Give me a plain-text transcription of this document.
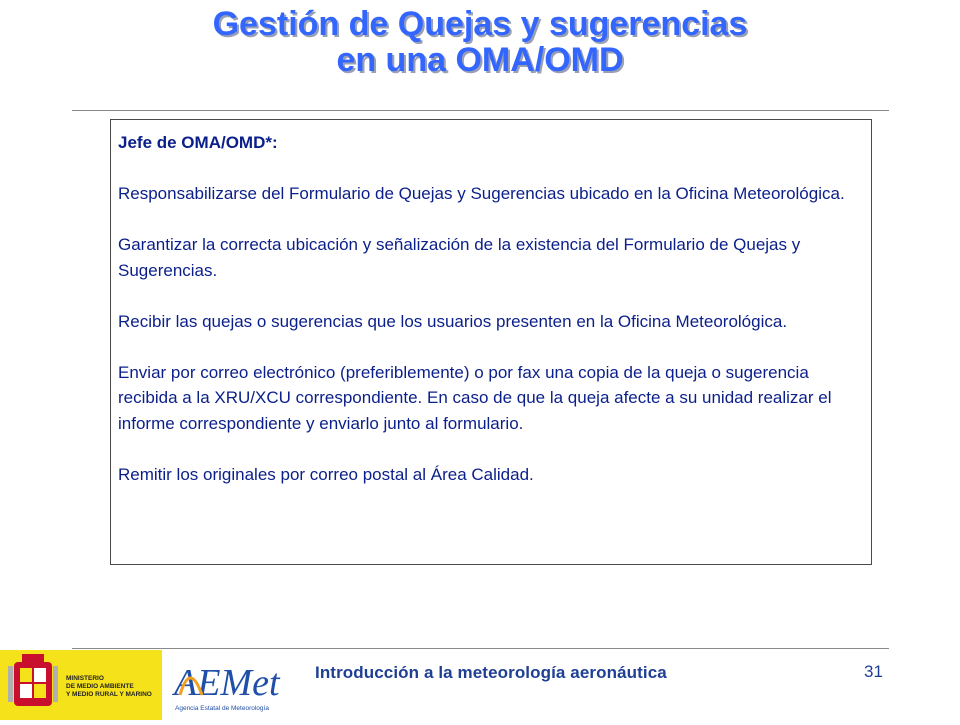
Gestión de Quejas y sugerencias
en una OMA/OMD

Jefe de OMA/OMD*:

Responsabilizarse del Formulario de Quejas y Sugerencias ubicado en la Oficina Meteorológica.

Garantizar la correcta ubicación y señalización de la existencia del Formulario de Quejas y Sugerencias.

Recibir las quejas o sugerencias que los usuarios presenten en la Oficina Meteorológica.

Enviar por correo electrónico (preferiblemente) o por fax una copia de la queja o sugerencia recibida a la XRU/XCU correspondiente. En caso de que la queja afecte a su unidad realizar el informe correspondiente y enviarlo junto al formulario.

Remitir los originales por correo postal al Área Calidad.

MINISTERIO
DE MEDIO AMBIENTE
Y MEDIO RURAL Y MARINO AEMet
Agencia Estatal de Meteorología
Introducción a la meteorología aeronáutica	31
